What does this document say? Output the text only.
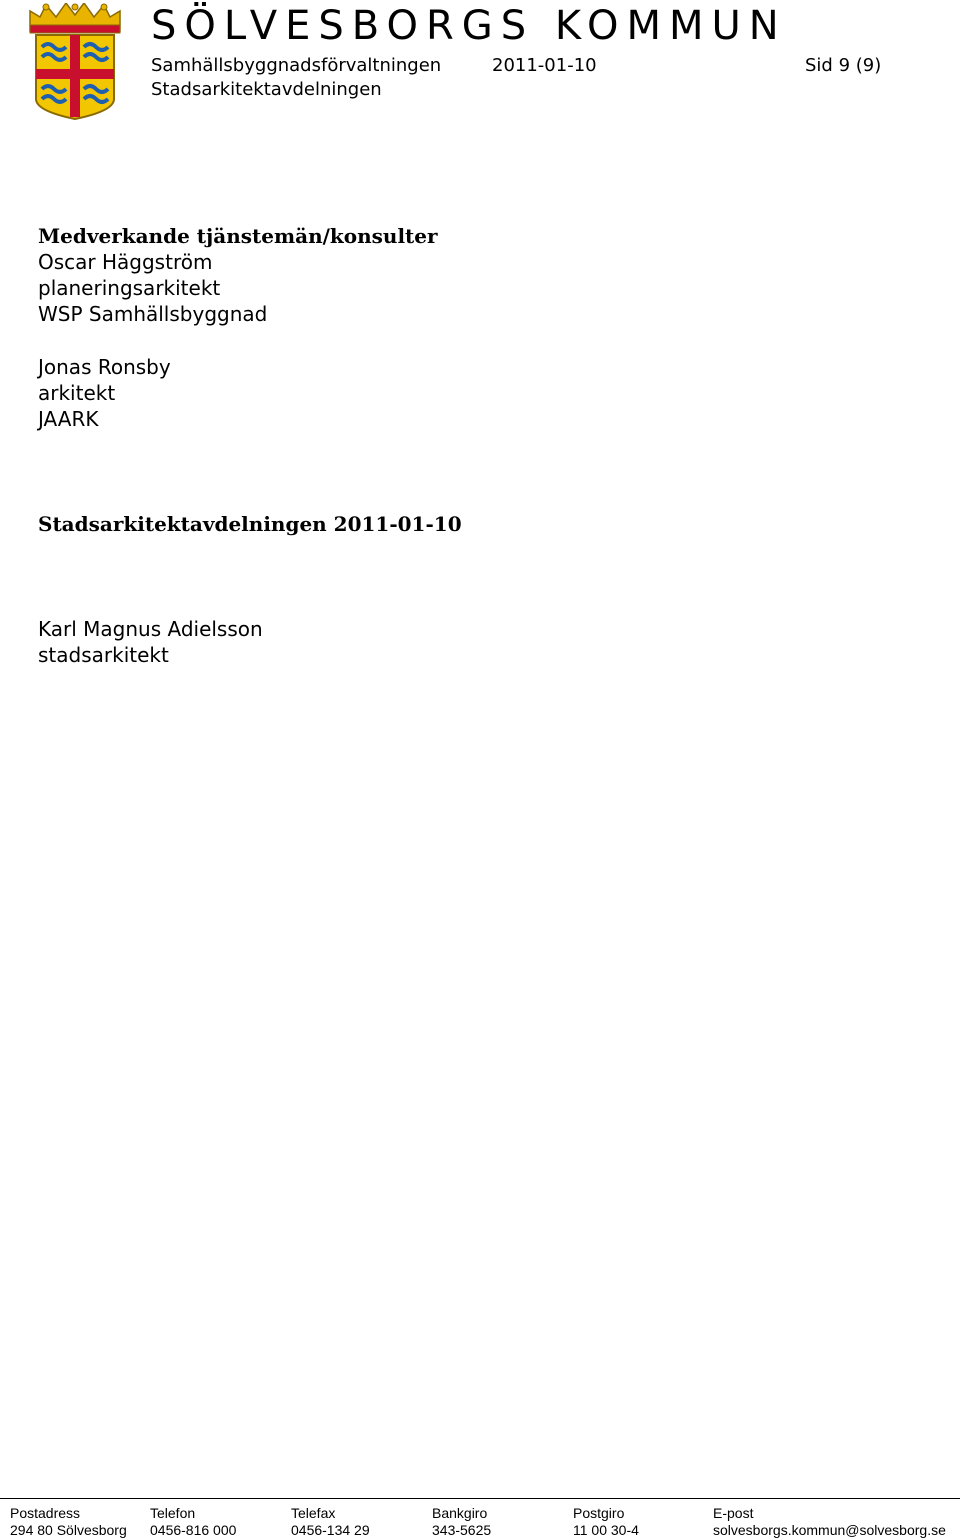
SÖLVESBORGS KOMMUN
Samhällsbyggnadsförvaltningen
Stadsarkitektavdelningen
2011-01-10	Sid 9 (9)
Medverkande tjänstemän/konsulter
Oscar Häggström
planeringsarkitekt
WSP Samhällsbyggnad
Jonas Ronsby
arkitekt
JAARK
Stadsarkitektavdelningen 2011-01-10
Karl Magnus Adielsson
stadsarkitekt
Postadress
294 80 Sölvesborg
Telefon
0456-816 000
Telefax
0456-134 29
Bankgiro
343-5625
Postgiro
11 00 30-4
E-post
solvesborgs.kommun@solvesborg.se
